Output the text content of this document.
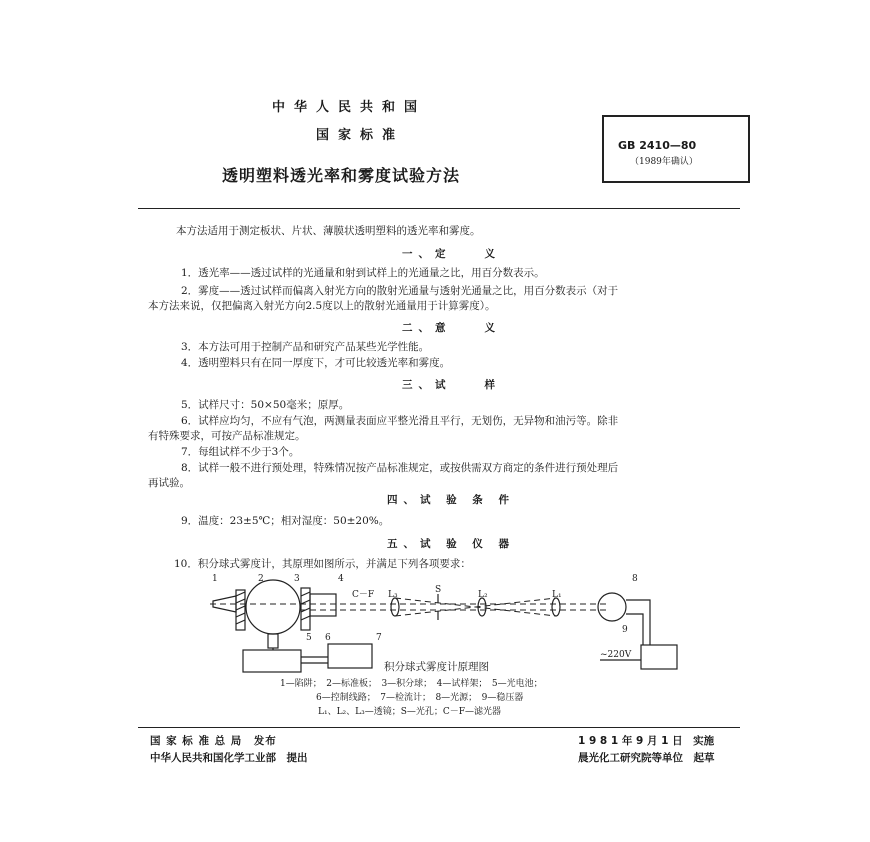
中华人民共和国
国家标准
透明塑料透光率和雾度试验方法
GB 2410—80
（1989年确认）
本方法适用于测定板状、片状、薄膜状透明塑料的透光率和雾度。
一、定　　义
1．透光率——透过试样的光通量和射到试样上的光通量之比，用百分数表示。
2．雾度——透过试样而偏离入射光方向的散射光通量与透射光通量之比，用百分数表示（对于
本方法来说，仅把偏离入射光方向2.5度以上的散射光通量用于计算雾度）。
二、意　　义
3．本方法可用于控制产品和研究产品某些光学性能。
4．透明塑料只有在同一厚度下，才可比较透光率和雾度。
三、试　　样
5．试样尺寸：50×50毫米；原厚。
6．试样应均匀，不应有气泡，两测量表面应平整光滑且平行，无划伤，无异物和油污等。除非
有特殊要求，可按产品标准规定。
7．每组试样不少于3个。
8．试样一般不进行预处理，特殊情况按产品标准规定，或按供需双方商定的条件进行预处理后
再试验。
四、试 验 条 件
9．温度：23±5℃；相对湿度：50±20%。
五、试 验 仪 器
10．积分球式雾度计，其原理如图所示，并满足下列各项要求：
1	2	3	4
5 6	7
8
9
C－F L₃	S	L₂	L₁
~220V
积分球式雾度计原理图
1—陷阱；　2—标准板；　3—积分球；　4—试样架；　5—光电池；
6—控制线路；　7—检流计；　8—光源；　9—稳压器
L₁、L₂、L₃—透镜；S—光孔；C－F—滤光器
国 家 标 准 总 局　发布	1 9 8 1 年 9 月 1 日　实施
中华人民共和国化学工业部　提出	晨光化工研究院等单位　起草
